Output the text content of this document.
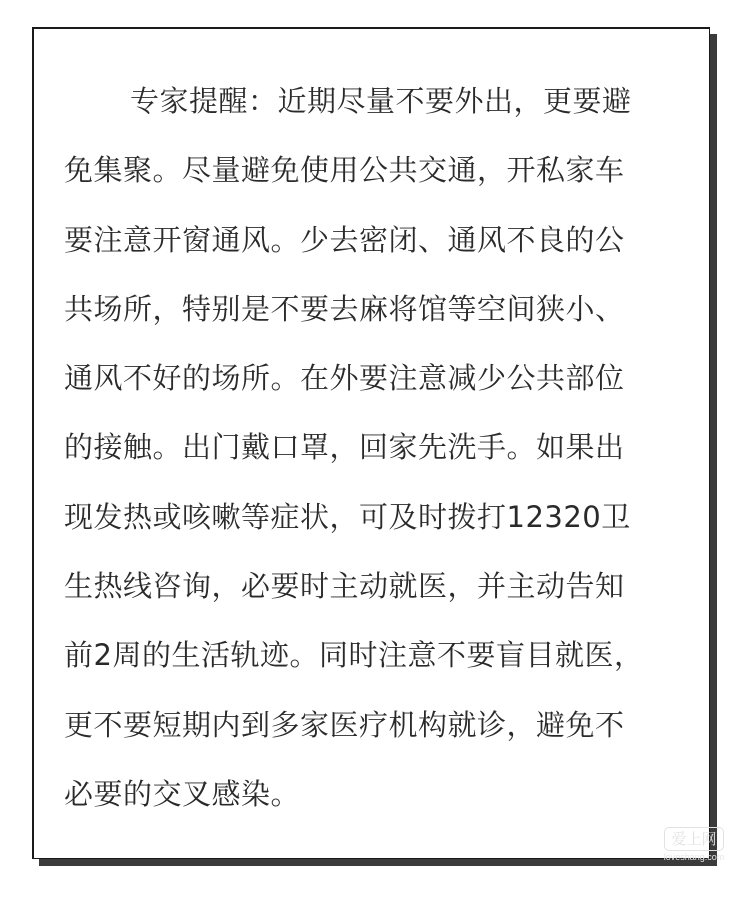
专家提醒：近期尽量不要外出，更要避
免集聚。尽量避免使用公共交通，开私家车
要注意开窗通风。少去密闭、通风不良的公
共场所，特别是不要去麻将馆等空间狭小、
通风不好的场所。在外要注意减少公共部位
的接触。出门戴口罩，回家先洗手。如果出
现发热或咳嗽等症状，可及时拨打12320卫
生热线咨询，必要时主动就医，并主动告知
前2周的生活轨迹。同时注意不要盲目就医，
更不要短期内到多家医疗机构就诊，避免不
必要的交叉感染。
爱上网
loveshang.com
